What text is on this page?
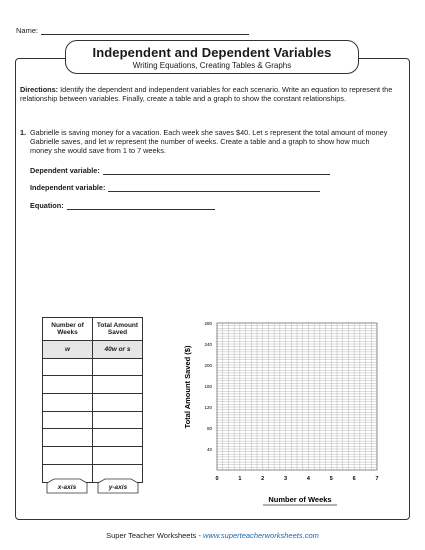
Name:
Independent and Dependent Variables
Writing Equations, Creating Tables & Graphs
Directions: Identify the dependent and independent variables for each scenario. Write an equation to represent the relationship between variables. Finally, create a table and a graph to show the constant relationships.
1. Gabrielle is saving money for a vacation. Each week she saves $40. Let s represent the total amount of money Gabrielle saves, and let w represent the number of weeks. Create a table and a graph to show how much money she would save from 1 to 7 weeks.
Dependent variable:
Independent variable:
Equation:
Number of Weeks	Total Amount Saved
w	40w or s

x-axis	y-axis
0	1	2	3	4	5	6	7
40
80
120
160
200
240
280
Total Amount Saved ($)
Number of Weeks
Super Teacher Worksheets - www.superteacherworksheets.com
